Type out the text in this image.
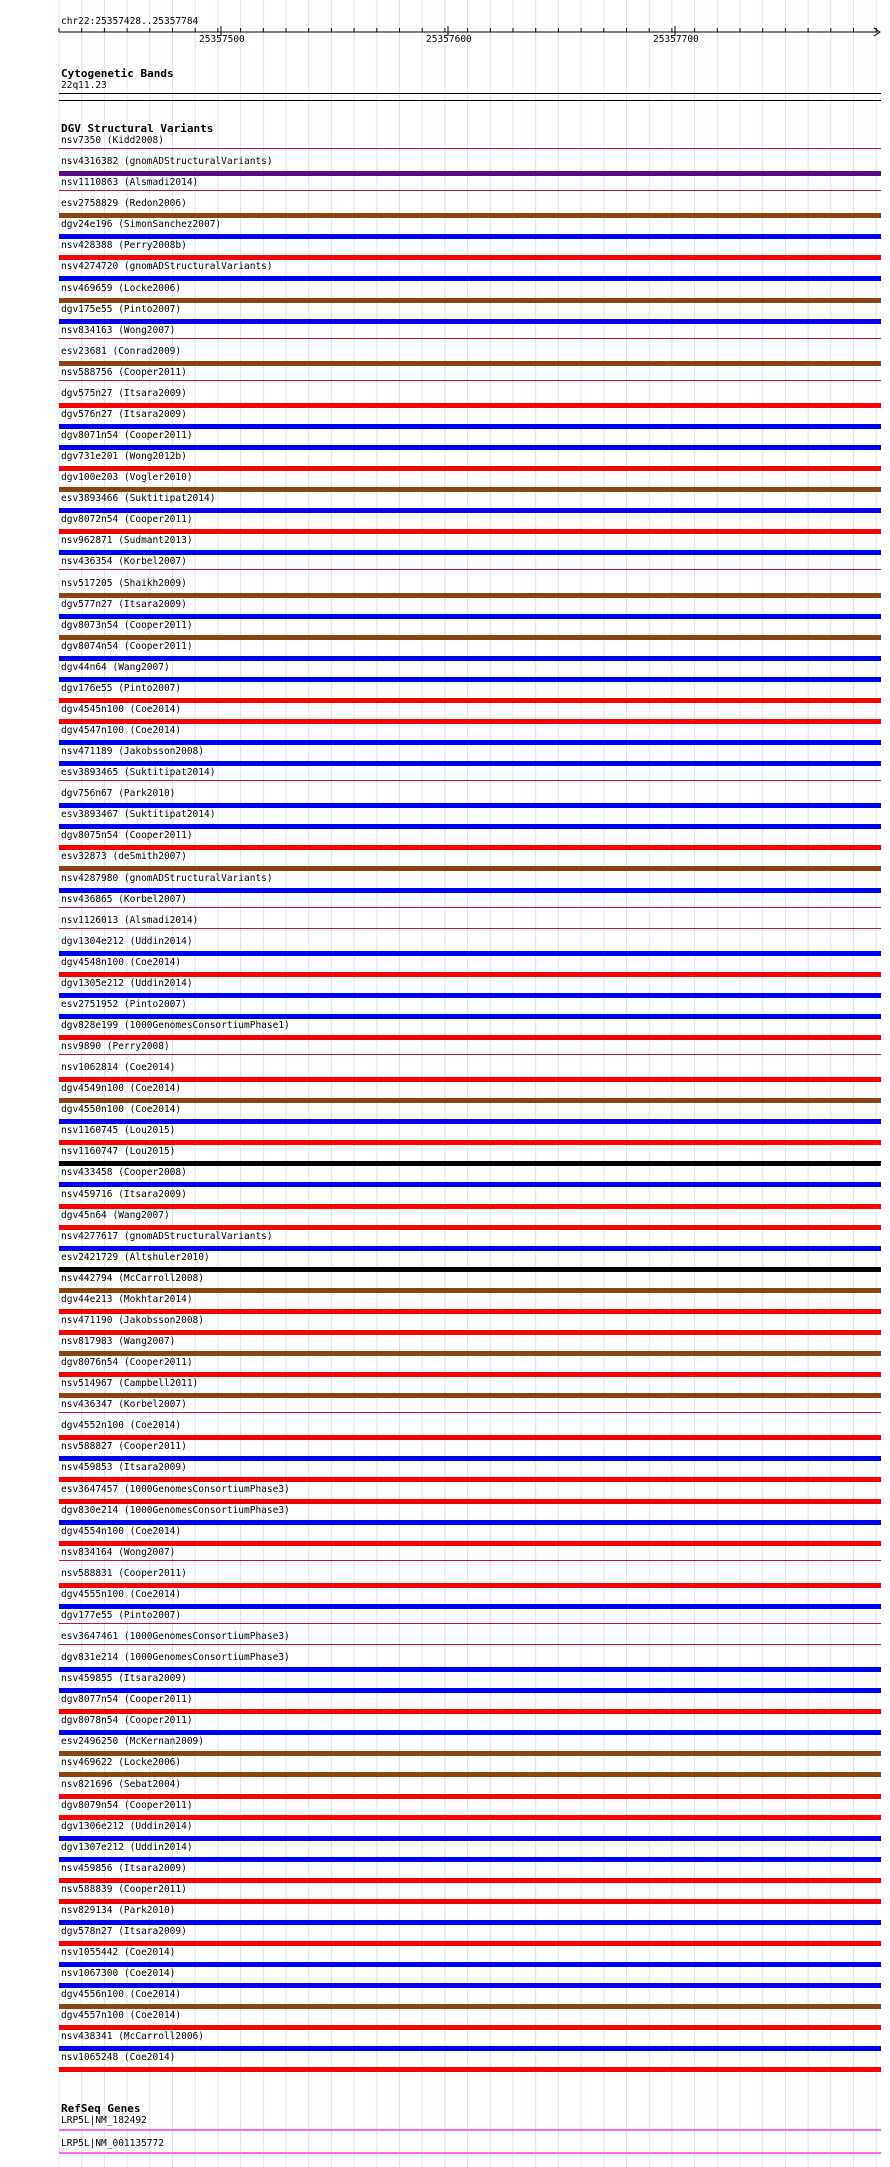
chr22:25357428..25357784
25357500	25357600	25357700
Cytogenetic Bands
22q11.23
DGV Structural Variants
nsv7350 (Kidd2008)
nsv4316382 (gnomADStructuralVariants)
nsv1110863 (Alsmadi2014)
esv2758829 (Redon2006)
dgv24e196 (SimonSanchez2007)
nsv428388 (Perry2008b)
nsv4274720 (gnomADStructuralVariants)
nsv469659 (Locke2006)
dgv175e55 (Pinto2007)
nsv834163 (Wong2007)
esv23681 (Conrad2009)
nsv588756 (Cooper2011)
dgv575n27 (Itsara2009)
dgv576n27 (Itsara2009)
dgv8071n54 (Cooper2011)
dgv731e201 (Wong2012b)
dgv100e203 (Vogler2010)
esv3893466 (Suktitipat2014)
dgv8072n54 (Cooper2011)
nsv962871 (Sudmant2013)
nsv436354 (Korbel2007)
nsv517205 (Shaikh2009)
dgv577n27 (Itsara2009)
dgv8073n54 (Cooper2011)
dgv8074n54 (Cooper2011)
dgv44n64 (Wang2007)
dgv176e55 (Pinto2007)
dgv4545n100 (Coe2014)
dgv4547n100 (Coe2014)
nsv471189 (Jakobsson2008)
esv3893465 (Suktitipat2014)
dgv756n67 (Park2010)
esv3893467 (Suktitipat2014)
dgv8075n54 (Cooper2011)
esv32873 (deSmith2007)
nsv4287980 (gnomADStructuralVariants)
nsv436865 (Korbel2007)
nsv1126013 (Alsmadi2014)
dgv1304e212 (Uddin2014)
dgv4548n100 (Coe2014)
dgv1305e212 (Uddin2014)
esv2751952 (Pinto2007)
dgv828e199 (1000GenomesConsortiumPhase1)
nsv9890 (Perry2008)
nsv1062814 (Coe2014)
dgv4549n100 (Coe2014)
dgv4550n100 (Coe2014)
nsv1160745 (Lou2015)
nsv1160747 (Lou2015)
nsv433458 (Cooper2008)
nsv459716 (Itsara2009)
dgv45n64 (Wang2007)
nsv4277617 (gnomADStructuralVariants)
esv2421729 (Altshuler2010)
nsv442794 (McCarroll2008)
dgv44e213 (Mokhtar2014)
nsv471190 (Jakobsson2008)
nsv817983 (Wang2007)
dgv8076n54 (Cooper2011)
nsv514967 (Campbell2011)
nsv436347 (Korbel2007)
dgv4552n100 (Coe2014)
nsv588827 (Cooper2011)
nsv459853 (Itsara2009)
esv3647457 (1000GenomesConsortiumPhase3)
dgv830e214 (1000GenomesConsortiumPhase3)
dgv4554n100 (Coe2014)
nsv834164 (Wong2007)
nsv588831 (Cooper2011)
dgv4555n100 (Coe2014)
dgv177e55 (Pinto2007)
esv3647461 (1000GenomesConsortiumPhase3)
dgv831e214 (1000GenomesConsortiumPhase3)
nsv459855 (Itsara2009)
dgv8077n54 (Cooper2011)
dgv8078n54 (Cooper2011)
esv2496250 (McKernan2009)
nsv469622 (Locke2006)
nsv821696 (Sebat2004)
dgv8079n54 (Cooper2011)
dgv1306e212 (Uddin2014)
dgv1307e212 (Uddin2014)
nsv459856 (Itsara2009)
nsv588839 (Cooper2011)
nsv829134 (Park2010)
dgv578n27 (Itsara2009)
nsv1055442 (Coe2014)
nsv1067300 (Coe2014)
dgv4556n100 (Coe2014)
dgv4557n100 (Coe2014)
nsv438341 (McCarroll2006)
nsv1065248 (Coe2014)
RefSeq Genes
LRP5L|NM_182492
LRP5L|NM_001135772
